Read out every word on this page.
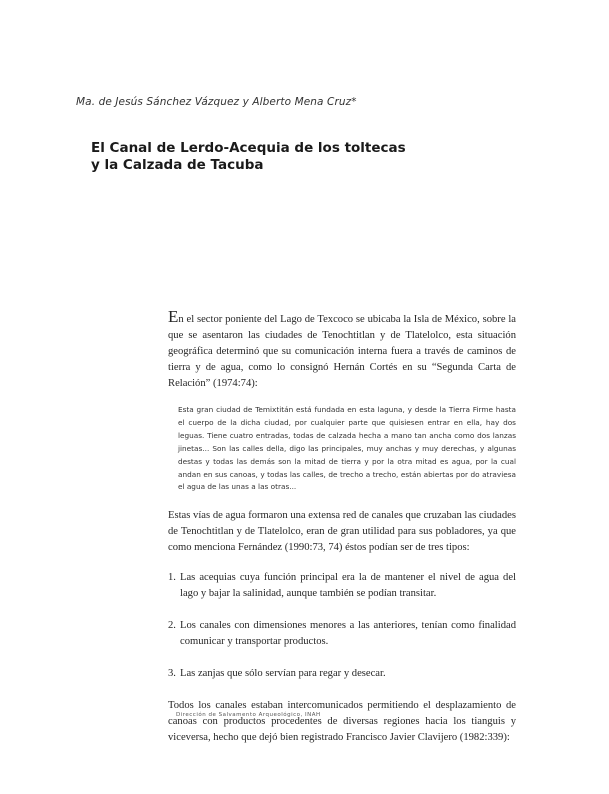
Ma. de Jesús Sánchez Vázquez y Alberto Mena Cruz*
El Canal de Lerdo-Acequia de los toltecas
y la Calzada de Tacuba

En el sector poniente del Lago de Texcoco se ubicaba la Isla de México, sobre la que se asentaron las ciudades de Tenochtitlan y de Tlatelolco, esta situación geográfica determinó que su comunicación interna fuera a través de caminos de tierra y de agua, como lo consignó Hernán Cortés en su “Segunda Carta de Relación” (1974:74):

Esta gran ciudad de Temixtitán está fundada en esta laguna, y desde la Tierra Firme hasta el cuerpo de la dicha ciudad, por cualquier parte que quisiesen entrar en ella, hay dos leguas. Tiene cuatro entradas, todas de calzada hecha a mano tan ancha como dos lanzas jinetas... Son las calles della, digo las principales, muy anchas y muy derechas, y algunas destas y todas las demás son la mitad de tierra y por la otra mitad es agua, por la cual andan en sus canoas, y todas las calles, de trecho a trecho, están abiertas por do atraviesa el agua de las unas a las otras...

Estas vías de agua formaron una extensa red de canales que cruzaban las ciudades de Tenochtitlan y de Tlatelolco, eran de gran utilidad para sus pobladores, ya que como menciona Fernández (1990:73, 74) éstos podían ser de tres tipos:

1. Las acequias cuya función principal era la de mantener el nivel de agua del lago y bajar la salinidad, aunque también se podían transitar.
2. Los canales con dimensiones menores a las anteriores, tenían como finalidad comunicar y transportar productos.
3. Las zanjas que sólo servían para regar y desecar.

Todos los canales estaban intercomunicados permitiendo el desplazamiento de canoas con productos procedentes de diversas regiones hacia los tianguis y viceversa, hecho que dejó bien registrado Francisco Javier Clavijero (1982:339):

Dirección de Salvamento Arqueológico, INAH
